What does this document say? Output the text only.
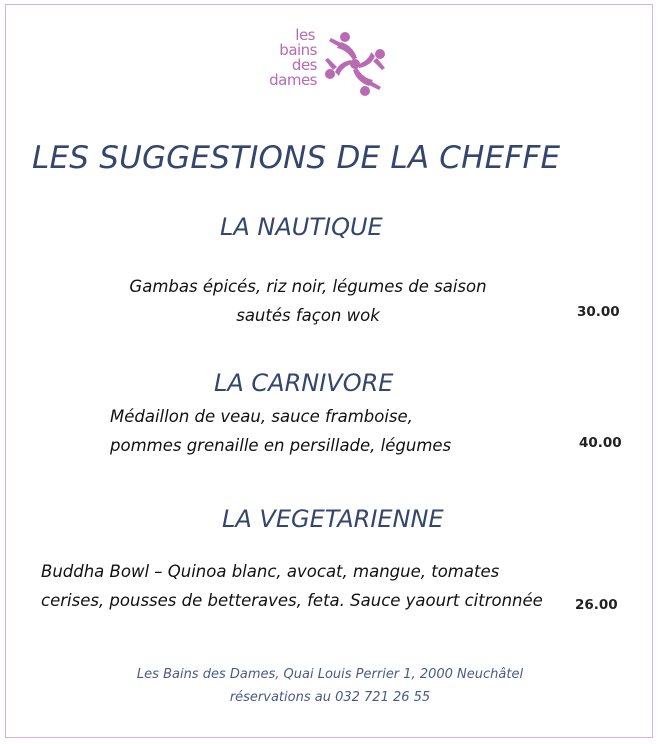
les
bains
des
dames
LES SUGGESTIONS DE LA CHEFFE
LA NAUTIQUE
Gambas épicés, riz noir, légumes de saison
sautés façon wok	30.00
LA CARNIVORE
Médaillon de veau, sauce framboise,
pommes grenaille en persillade, légumes	40.00
LA VEGETARIENNE
Buddha Bowl – Quinoa blanc, avocat, mangue, tomates
cerises, pousses de betteraves, feta. Sauce yaourt citronnée 26.00
Les Bains des Dames, Quai Louis Perrier 1, 2000 Neuchâtel
réservations au 032 721 26 55
